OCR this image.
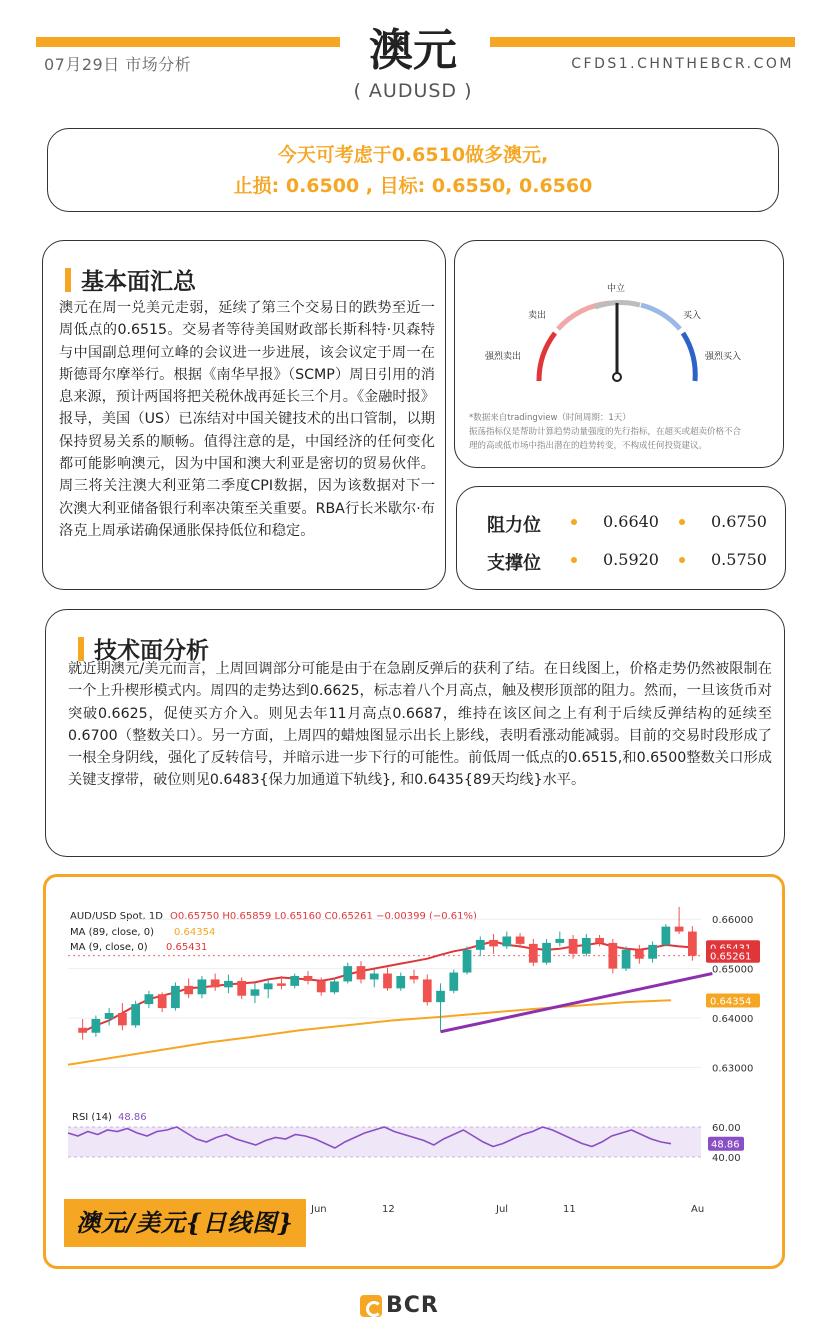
07月29日 市场分析	澳元
( AUDUSD )
CFDS1.CHNTHEBCR.COM
今天可考虑于0.6510做多澳元,
止损: 0.6500 , 目标: 0.6550, 0.6560
基本面汇总
澳元在周一兑美元走弱，延续了第三个交易日的跌势至近一周低点的0.6515。交易者等待美国财政部长斯科特·贝森特与中国副总理何立峰的会议进一步进展，该会议定于周一在斯德哥尔摩举行。根据《南华早报》（SCMP）周日引用的消息来源，预计两国将把关税休战再延长三个月。《金融时报》报导，美国（US）已冻结对中国关键技术的出口管制，以期保持贸易关系的顺畅。值得注意的是，中国经济的任何变化都可能影响澳元，因为中国和澳大利亚是密切的贸易伙伴。周三将关注澳大利亚第二季度CPI数据，因为该数据对下一次澳大利亚储备银行利率决策至关重要。RBA行长米歇尔·布洛克上周承诺确保通胀保持低位和稳定。
强烈卖出
卖出
中立
买入
强烈买入
*数据来自tradingview（时间周期：1天）
振荡指标仪是帮助计算趋势动量强度的先行指标，在超买或超卖价格不合
理的高或低市场中指出潜在的趋势转变，不构成任何投资建议。
阻力位	0.6640	0.6750
支撑位	0.5920	0.5750
技术面分析
就近期澳元/美元而言，上周回调部分可能是由于在急剧反弹后的获利了结。在日线图上，价格走势仍然被限制在一个上升楔形模式内。周四的走势达到0.6625，标志着八个月高点，触及楔形顶部的阻力。然而，一旦该货币对突破0.6625，促使买方介入。则见去年11月高点0.6687，维持在该区间之上有利于后续反弹结构的延续至0.6700（整数关口）。另一方面，上周四的蜡烛图显示出长上影线，表明看涨动能减弱。目前的交易时段形成了一根全身阴线，强化了反转信号，并暗示进一步下行的可能性。前低周一低点的0.6515,和0.6500整数关口形成关键支撑带，破位则见0.6483{保力加通道下轨线}, 和0.6435{89天均线}水平。
AUD/USD Spot, 1D O0.65750 H0.65859 L0.65160 C0.65261 −0.00399 (−0.61%)
MA (89, close, 0) 0.64354
MA (9, close, 0) 0.65431
0.66000
0.65000
0.64000
0.63000
0.65261
0.64354
60.00
40.00
48.86
Jun	12	Jul	11	Au
RSI (14) 48.86
澳元/美元{日线图}
BCR
